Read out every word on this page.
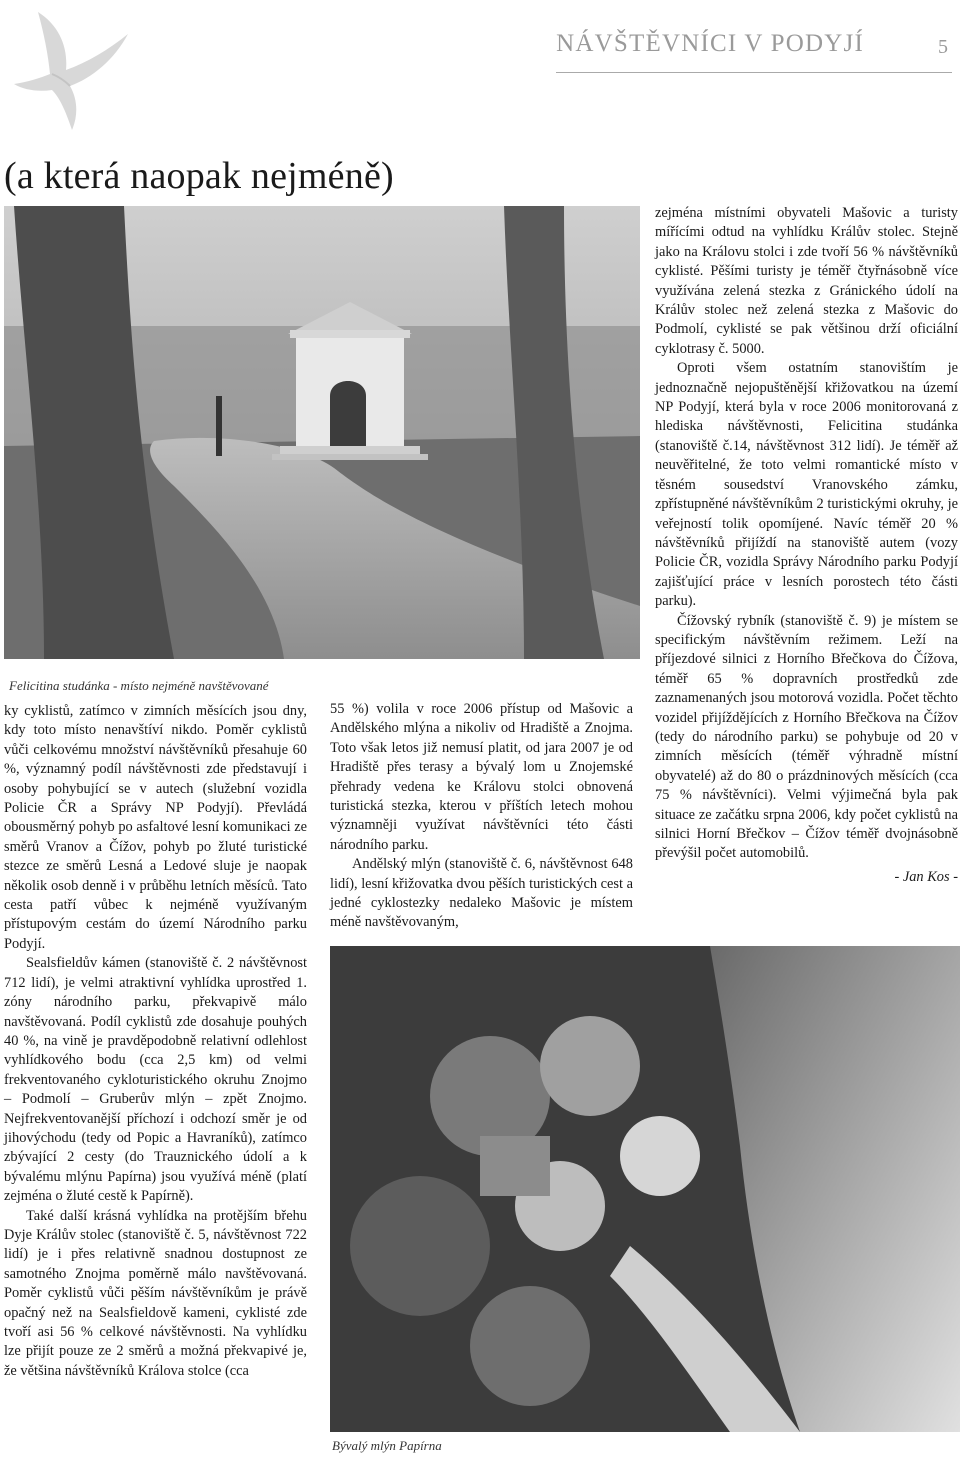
NÁVŠTĚVNÍCI V PODYJÍ	5
(a která naopak nejméně)
Felicitina studánka - místo nejméně navštěvované
Bývalý mlýn Papírna

ky cyklistů, zatímco v zimních měsících jsou dny, kdy toto místo nenavštíví nikdo. Poměr cyklistů vůči celkovému množství návštěvníků přesahuje 60 %, významný podíl návštěvnosti zde představují i osoby pohybující se v autech (služební vozidla Policie ČR a Správy NP Podyjí). Převládá obousměrný pohyb po asfaltové lesní komunikaci ze směrů Vranov a Čížov, pohyb po žluté turistické stezce ze směrů Lesná a Ledové sluje je naopak několik osob denně i v průběhu letních měsíců. Tato cesta patří vůbec k nejméně využívaným přístupovým cestám do území Národního parku Podyjí.

Sealsfieldův kámen (stanoviště č. 2 návštěvnost 712 lidí), je velmi atraktivní vyhlídka uprostřed 1. zóny národního parku, překvapivě málo navštěvovaná. Podíl cyklistů zde dosahuje pouhých 40 %, na vině je pravděpodobně relativní odlehlost vyhlídkového bodu (cca 2,5 km) od velmi frekventovaného cykloturistického okruhu Znojmo – Podmolí – Gruberův mlýn – zpět Znojmo. Nejfrekventovanější příchozí i odchozí směr je od jihovýchodu (tedy od Popic a Havraníků), zatímco zbývající 2 cesty (do Trauznického údolí a k bývalému mlýnu Papírna) jsou využívá méně (platí zejména o žluté cestě k Papírně).

Také další krásná vyhlídka na protějším břehu Dyje Králův stolec (stanoviště č. 5, návštěvnost 722 lidí) je i přes relativně snadnou dostupnost ze samotného Znojma poměrně málo navštěvovaná. Poměr cyklistů vůči pěším návštěvníkům je právě opačný než na Sealsfieldově kameni, cyklisté zde tvoří asi 56 % celkové návštěvnosti. Na vyhlídku lze přijít pouze ze 2 směrů a možná překvapivé je, že většina návštěvníků Králova stolce (cca

55 %) volila v roce 2006 přístup od Mašovic a Andělského mlýna a nikoliv od Hradiště a Znojma. Toto však letos již nemusí platit, od jara 2007 je od Hradiště přes terasy a bývalý lom u Znojemské přehrady vedena ke Královu stolci obnovená turistická stezka, kterou v příštích letech mohou významněji využívat návštěvníci této části národního parku.

Andělský mlýn (stanoviště č. 6, návštěvnost 648 lidí), lesní křižovatka dvou pěších turistických cest a jedné cyklostezky nedaleko Mašovic je místem méně navštěvovaným,

zejména místními obyvateli Mašovic a turisty mířícími odtud na vyhlídku Králův stolec. Stejně jako na Královu stolci i zde tvoří 56 % návštěvníků cyklisté. Pěšími turisty je téměř čtyřnásobně více využívána zelená stezka z Gránického údolí na Králův stolec než zelená stezka z Mašovic do Podmolí, cyklisté se pak většinou drží oficiální cyklotrasy č. 5000.

Oproti všem ostatním stanovištím je jednoznačně nejopuštěnější křižovatkou na území NP Podyjí, která byla v roce 2006 monitorovaná z hlediska návštěvnosti, Felicitina studánka (stanoviště č.14, návštěvnost 312 lidí). Je téměř až neuvěřitelné, že toto velmi romantické místo v těsném sousedství Vranovského zámku, zpřístupněné návštěvníkům 2 turistickými okruhy, je veřejností tolik opomíjené. Navíc téměř 20 % návštěvníků přijíždí na stanoviště autem (vozy Policie ČR, vozidla Správy Národního parku Podyjí zajišťující práce v lesních porostech této části parku).

Čížovský rybník (stanoviště č. 9) je místem se specifickým návštěvním režimem. Leží na příjezdové silnici z Horního Břečkova do Čížova, téměř 65 % dopravních prostředků zde zaznamenaných jsou motorová vozidla. Počet těchto vozidel přijíždějících z Horního Břečkova na Čížov (tedy do národního parku) se pohybuje od 20 v zimních měsících (téměř výhradně místní obyvatelé) až do 80 o prázdninových měsících (cca 75 % návštěvníci). Velmi výjimečná byla pak situace ze začátku srpna 2006, kdy počet cyklistů na silnici Horní Břečkov – Čížov téměř dvojnásobně převýšil počet automobilů.

- Jan Kos -
